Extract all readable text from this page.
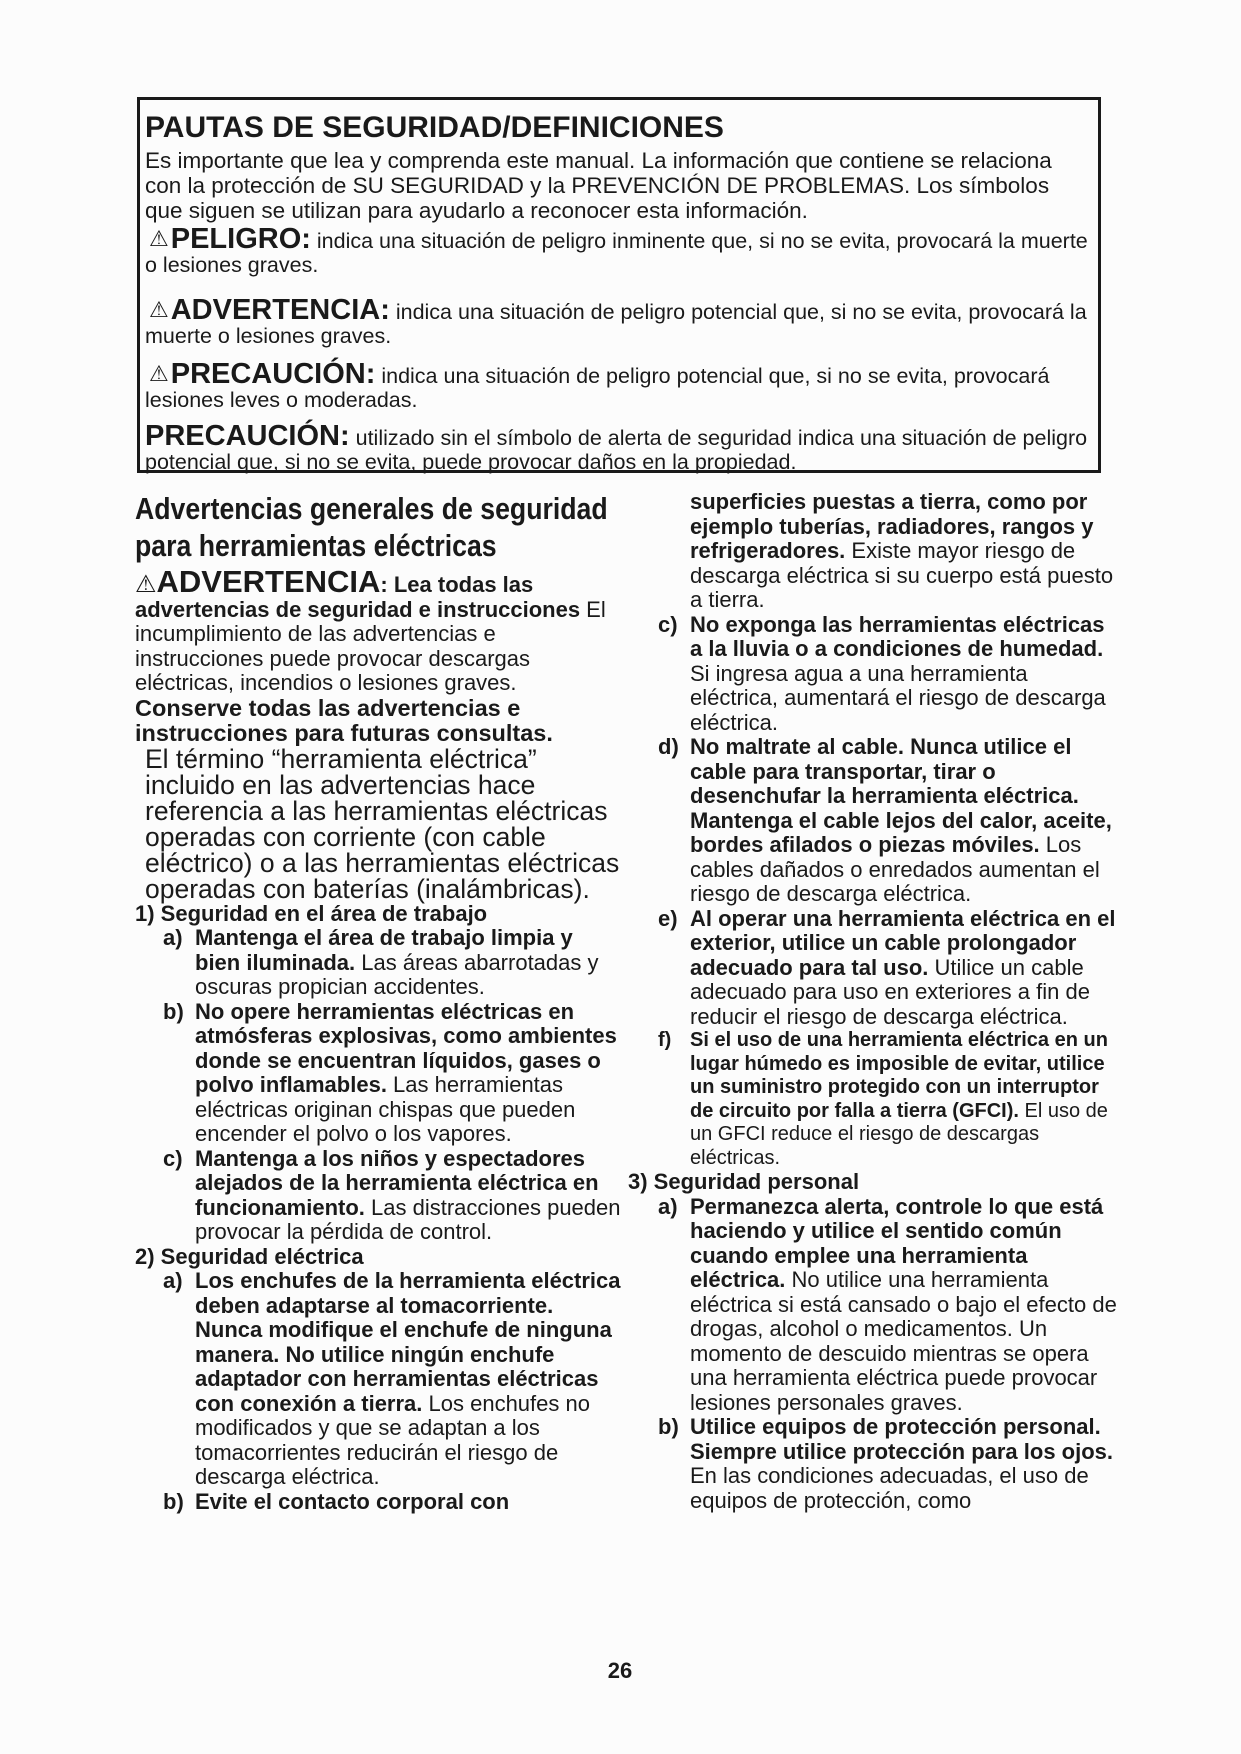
PAUTAS DE SEGURIDAD/DEFINICIONES

Es importante que lea y comprenda este manual. La información que contiene se relaciona con la protección de SU SEGURIDAD y la PREVENCIÓN DE PROBLEMAS. Los símbolos que siguen se utilizan para ayudarlo a reconocer esta información.

⚠PELIGRO: indica una situación de peligro inminente que, si no se evita, provocará la muerte o lesiones graves.
⚠ADVERTENCIA: indica una situación de peligro potencial que, si no se evita, provocará la muerte o lesiones graves.
⚠PRECAUCIÓN: indica una situación de peligro potencial que, si no se evita, provocará lesiones leves o moderadas.
PRECAUCIÓN: utilizado sin el símbolo de alerta de seguridad indica una situación de peligro potencial que, si no se evita, puede provocar daños en la propiedad.
Advertencias generales de seguridad para herramientas eléctricas
⚠ADVERTENCIA: Lea todas las advertencias de seguridad e instrucciones El incumplimiento de las advertencias e instrucciones puede provocar descargas eléctricas, incendios o lesiones graves.

Conserve todas las advertencias e instrucciones para futuras consultas.

El término “herramienta eléctrica” incluido en las advertencias hace referencia a las herramientas eléctricas operadas con corriente (con cable eléctrico) o a las herramientas eléctricas operadas con baterías (inalámbricas).

1) Seguridad en el área de trabajo

a) Mantenga el área de trabajo limpia y bien iluminada. Las áreas abarrotadas y oscuras propician accidentes.
b) No opere herramientas eléctricas en atmósferas explosivas, como ambientes donde se encuentran líquidos, gases o polvo inflamables. Las herramientas eléctricas originan chispas que pueden encender el polvo o los vapores.
c) Mantenga a los niños y espectadores alejados de la herramienta eléctrica en funcionamiento. Las distracciones pueden provocar la pérdida de control.

2) Seguridad eléctrica

a) Los enchufes de la herramienta eléctrica deben adaptarse al tomacorriente. Nunca modifique el enchufe de ninguna manera. No utilice ningún enchufe adaptador con herramientas eléctricas con conexión a tierra. Los enchufes no modificados y que se adaptan a los tomacorrientes reducirán el riesgo de descarga eléctrica.
b) Evite el contacto corporal con
superficies puestas a tierra, como por ejemplo tuberías, radiadores, rangos y refrigeradores. Existe mayor riesgo de descarga eléctrica si su cuerpo está puesto a tierra.
c) No exponga las herramientas eléctricas a la lluvia o a condiciones de humedad. Si ingresa agua a una herramienta eléctrica, aumentará el riesgo de descarga eléctrica.
d) No maltrate al cable. Nunca utilice el cable para transportar, tirar o desenchufar la herramienta eléctrica. Mantenga el cable lejos del calor, aceite, bordes afilados o piezas móviles. Los cables dañados o enredados aumentan el riesgo de descarga eléctrica.
e) Al operar una herramienta eléctrica en el exterior, utilice un cable prolongador adecuado para tal uso. Utilice un cable adecuado para uso en exteriores a fin de reducir el riesgo de descarga eléctrica.
f) Si el uso de una herramienta eléctrica en un lugar húmedo es imposible de evitar, utilice un suministro protegido con un interruptor de circuito por falla a tierra (GFCI). El uso de un GFCI reduce el riesgo de descargas eléctricas.

3) Seguridad personal

a) Permanezca alerta, controle lo que está haciendo y utilice el sentido común cuando emplee una herramienta eléctrica. No utilice una herramienta eléctrica si está cansado o bajo el efecto de drogas, alcohol o medicamentos. Un momento de descuido mientras se opera una herramienta eléctrica puede provocar lesiones personales graves.
b) Utilice equipos de protección personal. Siempre utilice protección para los ojos. En las condiciones adecuadas, el uso de equipos de protección, como
26
